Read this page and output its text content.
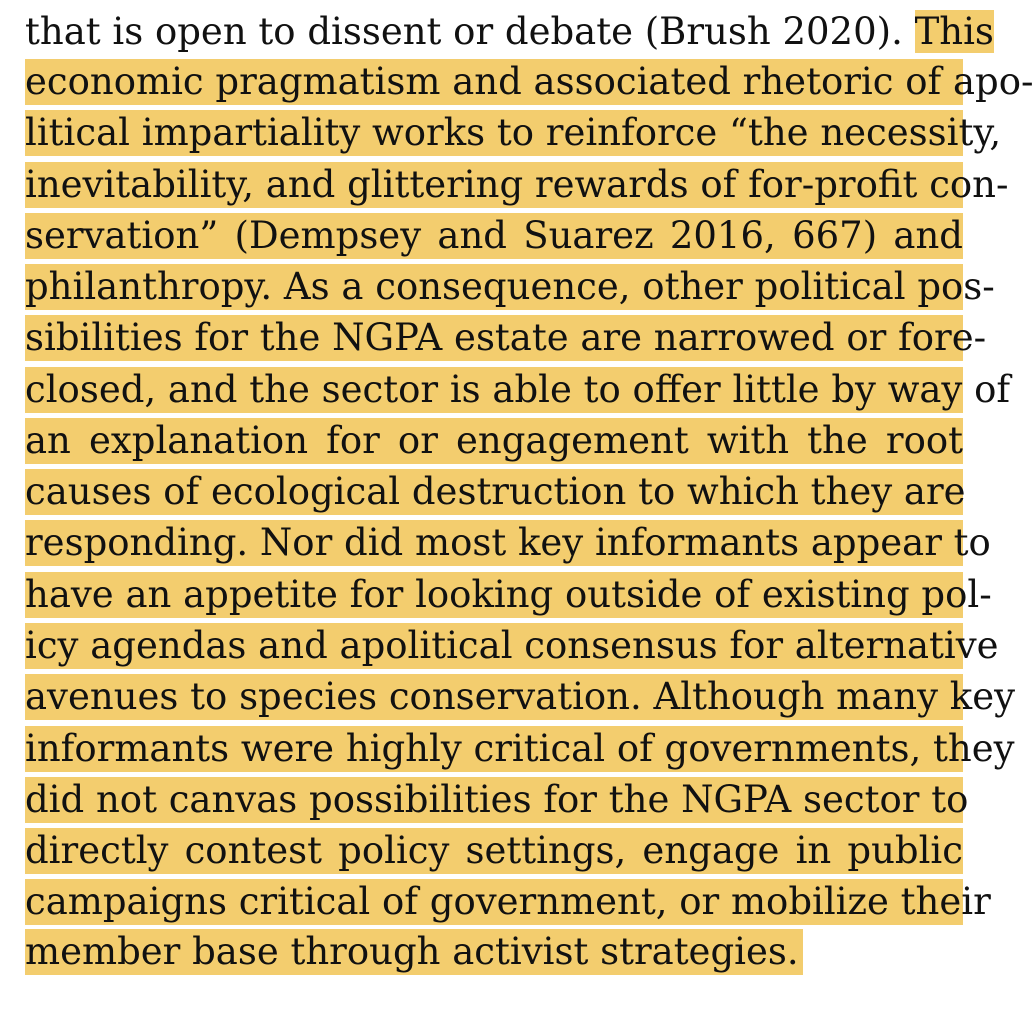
that is open to dissent or debate (Brush 2020). This
economic pragmatism and associated rhetoric of apo-
litical impartiality works to reinforce “the necessity,
inevitability, and glittering rewards of for-profit con-
servation” (Dempsey and Suarez 2016, 667) and
philanthropy. As a consequence, other political pos-
sibilities for the NGPA estate are narrowed or fore-
closed, and the sector is able to offer little by way of
an explanation for or engagement with the root
causes of ecological destruction to which they are
responding. Nor did most key informants appear to
have an appetite for looking outside of existing pol-
icy agendas and apolitical consensus for alternative
avenues to species conservation. Although many key
informants were highly critical of governments, they
did not canvas possibilities for the NGPA sector to
directly contest policy settings, engage in public
campaigns critical of government, or mobilize their
member base through activist strategies.
